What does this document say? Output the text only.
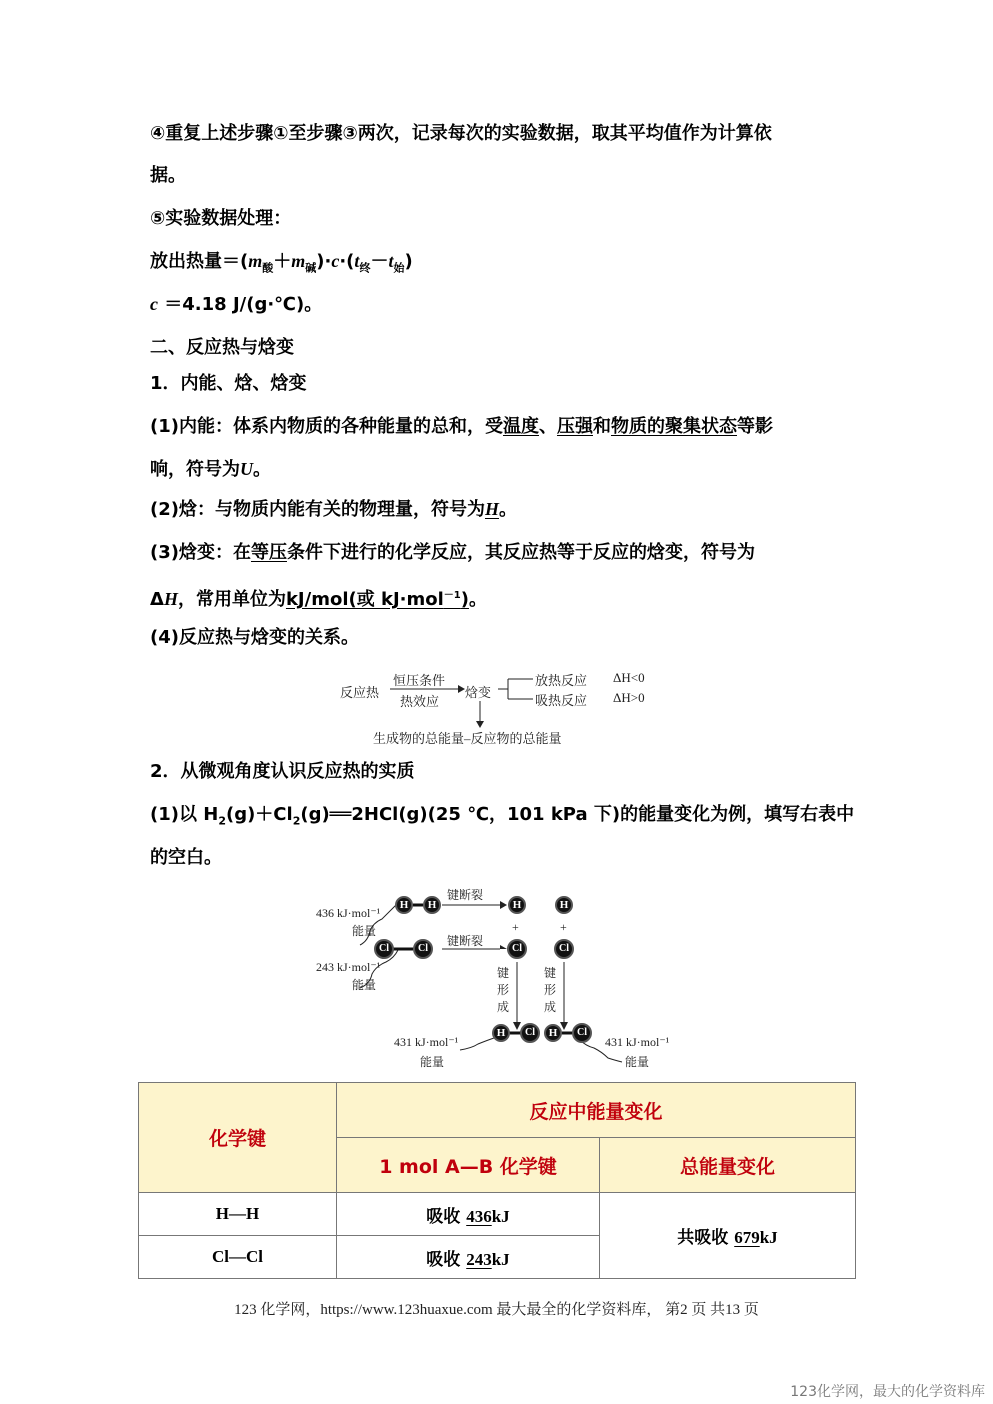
④重复上述步骤①至步骤③两次，记录每次的实验数据，取其平均值作为计算依
据。
⑤实验数据处理：
放出热量$=(m_酸+m_碱)\cdot c\cdot(t_终-t_始)$
c ＝4.18 J/(g·℃)。
二、反应热与焓变
1．内能、焓、焓变
(1)内能：体系内物质的各种能量的总和，受温度、压强和物质的聚集状态等影
响，符号为U。
(2)焓：与物质内能有关的物理量，符号为H。
(3)焓变：在等压条件下进行的化学反应，其反应热等于反应的焓变，符号为
ΔH，常用单位为kJ/mol(或 kJ·mol$^{-1}$)。
(4)反应热与焓变的关系。
反应热
恒压条件
热效应
焓变
放热反应
吸热反应
ΔH<0
ΔH>0
生成物的总能量–反应物的总能量
2．从微观角度认识反应热的实质
(1)以 $H_2(g)+Cl_2(g)══2HCl(g)(25$ ℃，101 kPa 下)的能量变化为例，填写右表中
的空白。
436 kJ·mol⁻¹
能量
243 kJ·mol⁻¹
能量
键断裂
键断裂
键形成
键形成
+	+
431 kJ·mol⁻¹
能量
431 kJ·mol⁻¹
能量
H	H
Cl	Cl
H	H
Cl	Cl
H	Cl	H	Cl
化学键	反应中能量变化	
	1 mol A—B 化学键	总能量变化
H—H	吸收 436kJ	共吸收 679kJ
Cl—Cl	吸收 243kJ	
123 化学网，https://www.123huaxue.com 最大最全的化学资料库， 第2 页 共13 页
123化学网，最大的化学资料库
